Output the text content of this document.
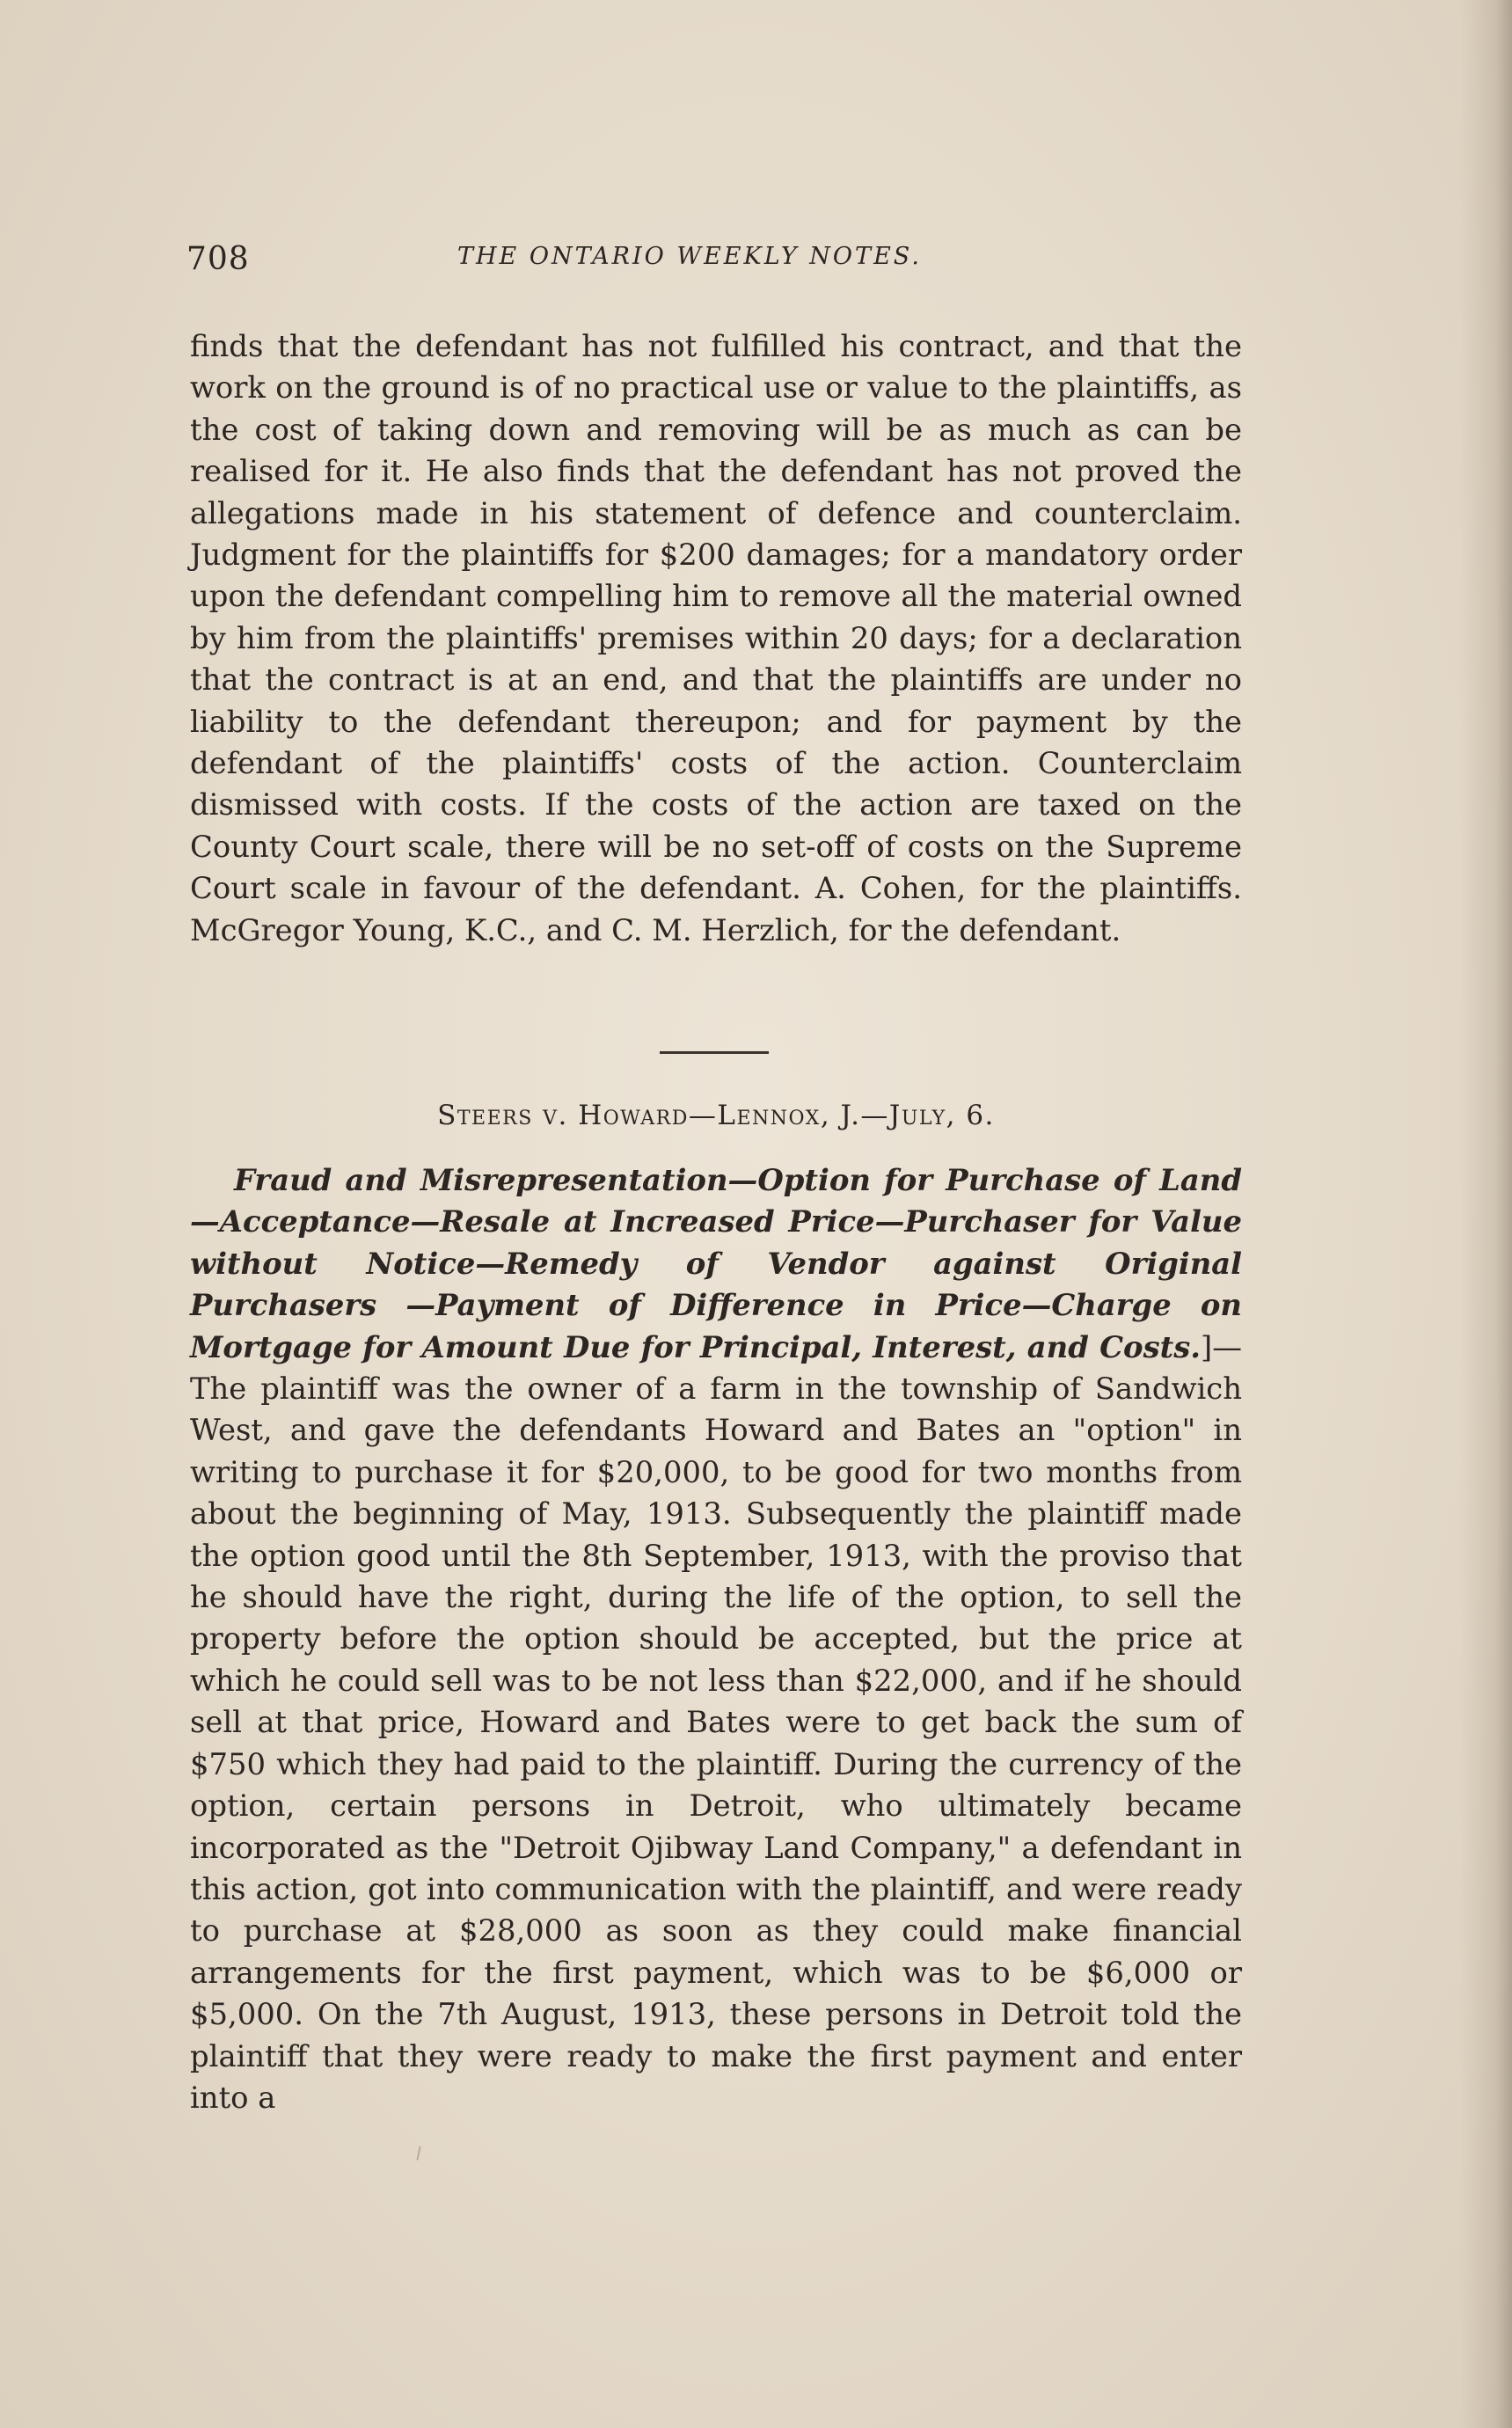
708	THE ONTARIO WEEKLY NOTES.

finds that the defendant has not fulfilled his contract, and that the work on the ground is of no practical use or value to the plaintiffs, as the cost of taking down and removing will be as much as can be realised for it. He also finds that the defendant has not proved the allegations made in his statement of defence and counterclaim. Judgment for the plaintiffs for $200 damages; for a mandatory order upon the defendant compelling him to remove all the material owned by him from the plaintiffs' premises within 20 days; for a declaration that the contract is at an end, and that the plaintiffs are under no liability to the defendant thereupon; and for payment by the defendant of the plaintiffs' costs of the action. Counterclaim dismissed with costs. If the costs of the action are taxed on the County Court scale, there will be no set-off of costs on the Supreme Court scale in favour of the defendant. A. Cohen, for the plaintiffs. McGregor Young, K.C., and C. M. Herzlich, for the defendant.

Steers v. Howard—Lennox, J.—July, 6.

Fraud and Misrepresentation—Option for Purchase of Land —Acceptance—Resale at Increased Price—Purchaser for Value without Notice—Remedy of Vendor against Original Purchasers —Payment of Difference in Price—Charge on Mortgage for Amount Due for Principal, Interest, and Costs.]—The plaintiff was the owner of a farm in the township of Sandwich West, and gave the defendants Howard and Bates an "option" in writing to purchase it for $20,000, to be good for two months from about the beginning of May, 1913. Subsequently the plaintiff made the option good until the 8th September, 1913, with the proviso that he should have the right, during the life of the option, to sell the property before the option should be accepted, but the price at which he could sell was to be not less than $22,000, and if he should sell at that price, Howard and Bates were to get back the sum of $750 which they had paid to the plaintiff. During the currency of the option, certain persons in Detroit, who ultimately became incorporated as the "Detroit Ojibway Land Company," a defendant in this action, got into communication with the plaintiff, and were ready to purchase at $28,000 as soon as they could make financial arrangements for the first payment, which was to be $6,000 or $5,000. On the 7th August, 1913, these persons in Detroit told the plaintiff that they were ready to make the first payment and enter into a
